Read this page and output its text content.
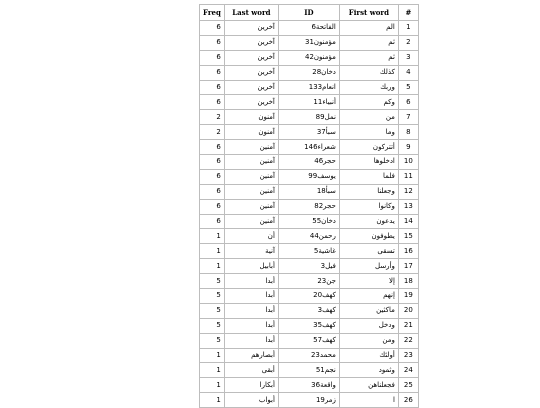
Freq	Last word	ID	First word	#
6	آخرين	الفاتحة6	الم	1
6	آخرين	مؤمنون31	ثم	2
6	آخرين	مؤمنون42	ثم	3
6	آخرين	دخان28	كذلك	4
6	آخرين	انعام133	وربك	5
6	آخرين	أنبياء11	وكم	6
2	آمنون	نمل89	من	7
2	آمنون	سبأ37	وما	8
6	آمنين	شعراء146	أتتركون	9
6	آمنين	حجر46	ادخلوها	10
6	آمنين	يوسف99	فلما	11
6	آمنين	سبأ18	وجعلنا	12
6	آمنين	حجر82	وكانوا	13
6	آمنين	دخان55	يدعون	14
1	أن	رحمن44	يطوفون	15
1	آنية	غاشية5	تسقى	16
1	أبابيل	فيل3	وأرسل	17
5	أبدا	جن23	إلا	18
5	أبدا	كهف20	إنهم	19
5	أبدا	كهف3	ماكثين	20
5	أبدا	كهف35	ودخل	21
5	أبدا	كهف57	ومن	22
1	أبصارهم	محمد23	أولئك	23
1	أبقى	نجم51	وثمود	24
1	أبكارا	واقعة36	فجعلناهن	25
1	أبواب	زمر19	ا	26
